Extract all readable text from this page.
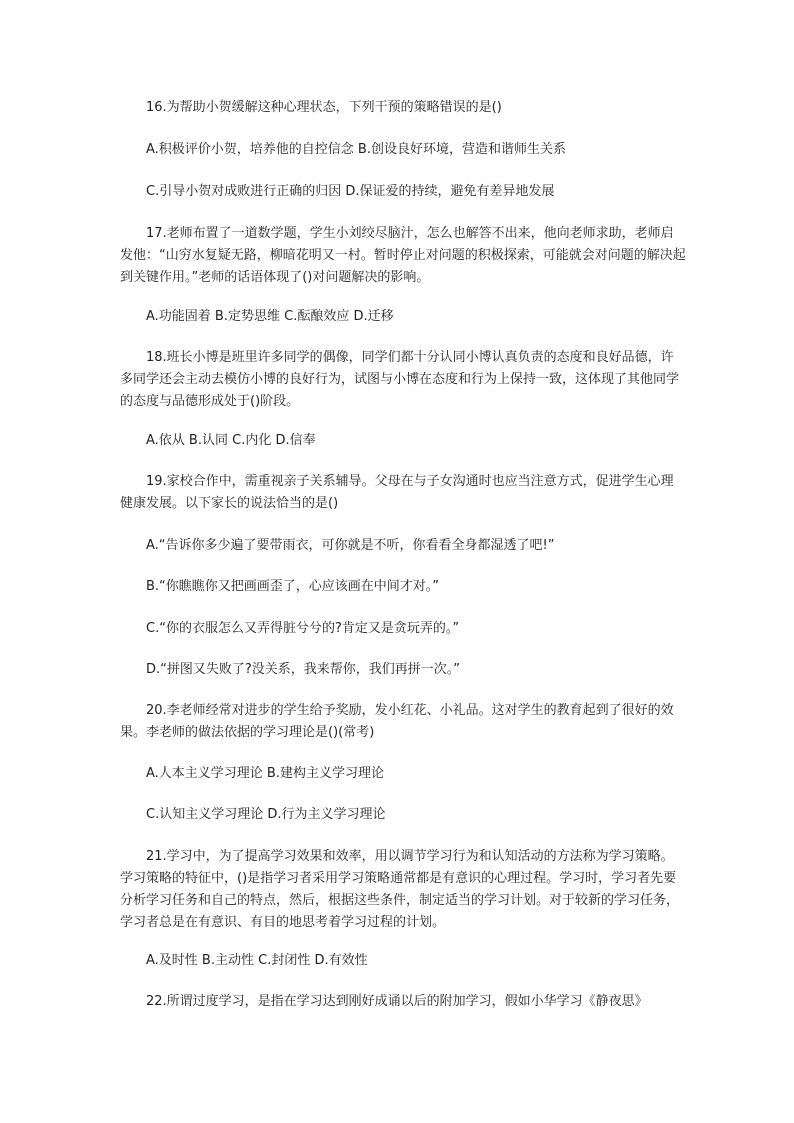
16.为帮助小贺缓解这种心理状态，下列干预的策略错误的是()

A.积极评价小贺，培养他的自控信念 B.创设良好环境，营造和谐师生关系

C.引导小贺对成败进行正确的归因 D.保证爱的持续，避免有差异地发展

17.老师布置了一道数学题，学生小刘绞尽脑汁，怎么也解答不出来，他向老师求助，老师启发他：“山穷水复疑无路，柳暗花明又一村。暂时停止对问题的积极探索，可能就会对问题的解决起到关键作用。”老师的话语体现了()对问题解决的影响。

A.功能固着 B.定势思维 C.酝酿效应 D.迁移

18.班长小博是班里许多同学的偶像，同学们都十分认同小博认真负责的态度和良好品德，许多同学还会主动去模仿小博的良好行为，试图与小博在态度和行为上保持一致，这体现了其他同学的态度与品德形成处于()阶段。

A.依从 B.认同 C.内化 D.信奉

19.家校合作中，需重视亲子关系辅导。父母在与子女沟通时也应当注意方式，促进学生心理健康发展。以下家长的说法恰当的是()

A.“告诉你多少遍了要带雨衣，可你就是不听，你看看全身都湿透了吧!”

B.“你瞧瞧你又把画画歪了，心应该画在中间才对。”

C.“你的衣服怎么又弄得脏兮兮的?肯定又是贪玩弄的。”

D.“拼图又失败了?没关系，我来帮你，我们再拼一次。”

20.李老师经常对进步的学生给予奖励，发小红花、小礼品。这对学生的教育起到了很好的效果。李老师的做法依据的学习理论是()(常考)

A.人本主义学习理论 B.建构主义学习理论

C.认知主义学习理论 D.行为主义学习理论

21.学习中，为了提高学习效果和效率，用以调节学习行为和认知活动的方法称为学习策略。学习策略的特征中，()是指学习者采用学习策略通常都是有意识的心理过程。学习时，学习者先要分析学习任务和自己的特点，然后，根据这些条件，制定适当的学习计划。对于较新的学习任务，学习者总是在有意识、有目的地思考着学习过程的计划。

A.及时性 B.主动性 C.封闭性 D.有效性

22.所谓过度学习，是指在学习达到刚好成诵以后的附加学习，假如小华学习《静夜思》
